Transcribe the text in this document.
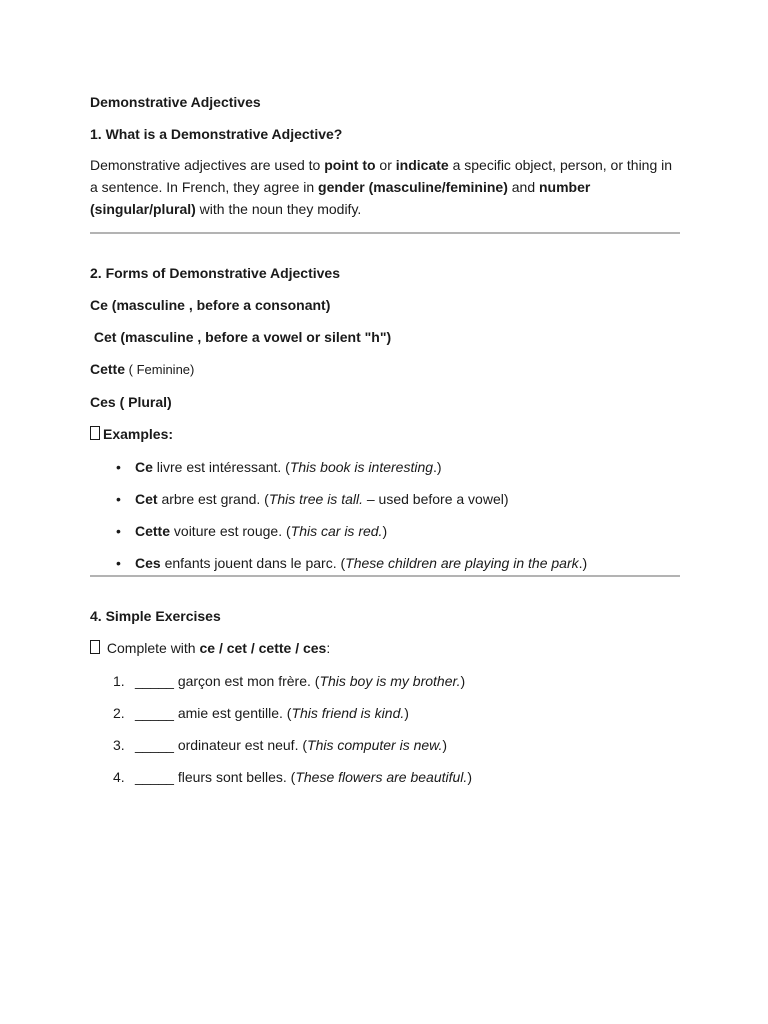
Demonstrative Adjectives

1. What is a Demonstrative Adjective?

Demonstrative adjectives are used to point to or indicate a specific object, person, or thing in a sentence. In French, they agree in gender (masculine/feminine) and number (singular/plural) with the noun they modify.

2. Forms of Demonstrative Adjectives

Ce (masculine , before a consonant)

Cet (masculine , before a vowel or silent "h")

Cette ( Feminine)

Ces ( Plural)

Examples:

• Ce livre est intéressant. (This book is interesting.)
• Cet arbre est grand. (This tree is tall. – used before a vowel)
• Cette voiture est rouge. (This car is red.)
• Ces enfants jouent dans le parc. (These children are playing in the park.)

4. Simple Exercises

Complete with ce / cet / cette / ces:

1. _____ garçon est mon frère. (This boy is my brother.)
2. _____ amie est gentille. (This friend is kind.)
3. _____ ordinateur est neuf. (This computer is new.)
4. _____ fleurs sont belles. (These flowers are beautiful.)
